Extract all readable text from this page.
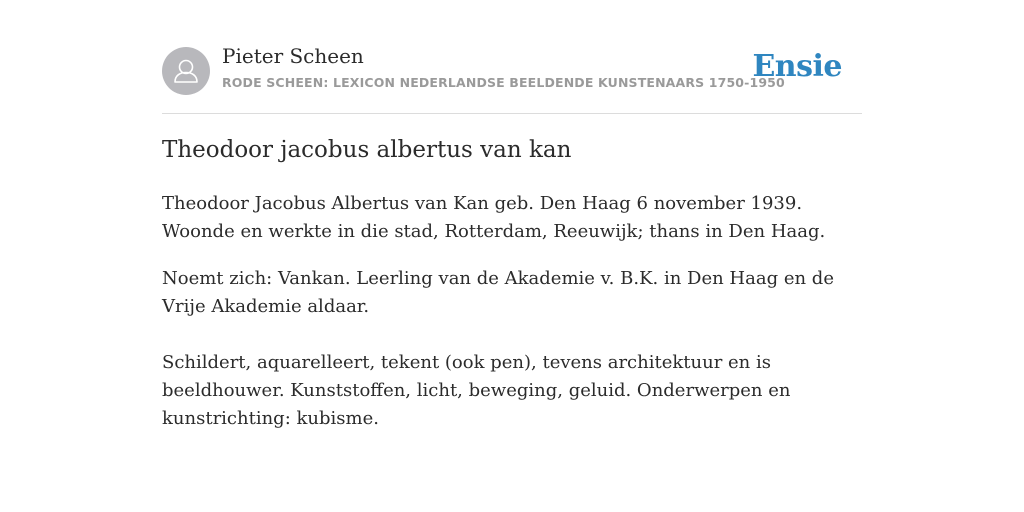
Pieter Scheen
RODE SCHEEN: LEXICON NEDERLANDSE BEELDENDE KUNSTENAARS 1750-1950
Ensie
Theodoor jacobus albertus van kan

Theodoor Jacobus Albertus van Kan geb. Den Haag 6 november 1939. Woonde en werkte in die stad, Rotterdam, Reeuwijk; thans in Den Haag.

Noemt zich: Vankan. Leerling van de Akademie v. B.K. in Den Haag en de Vrije Akademie aldaar.

Schildert, aquarelleert, tekent (ook pen), tevens architektuur en is beeldhouwer. Kunststoffen, licht, beweging, geluid. Onderwerpen en kunstrichting: kubisme.
